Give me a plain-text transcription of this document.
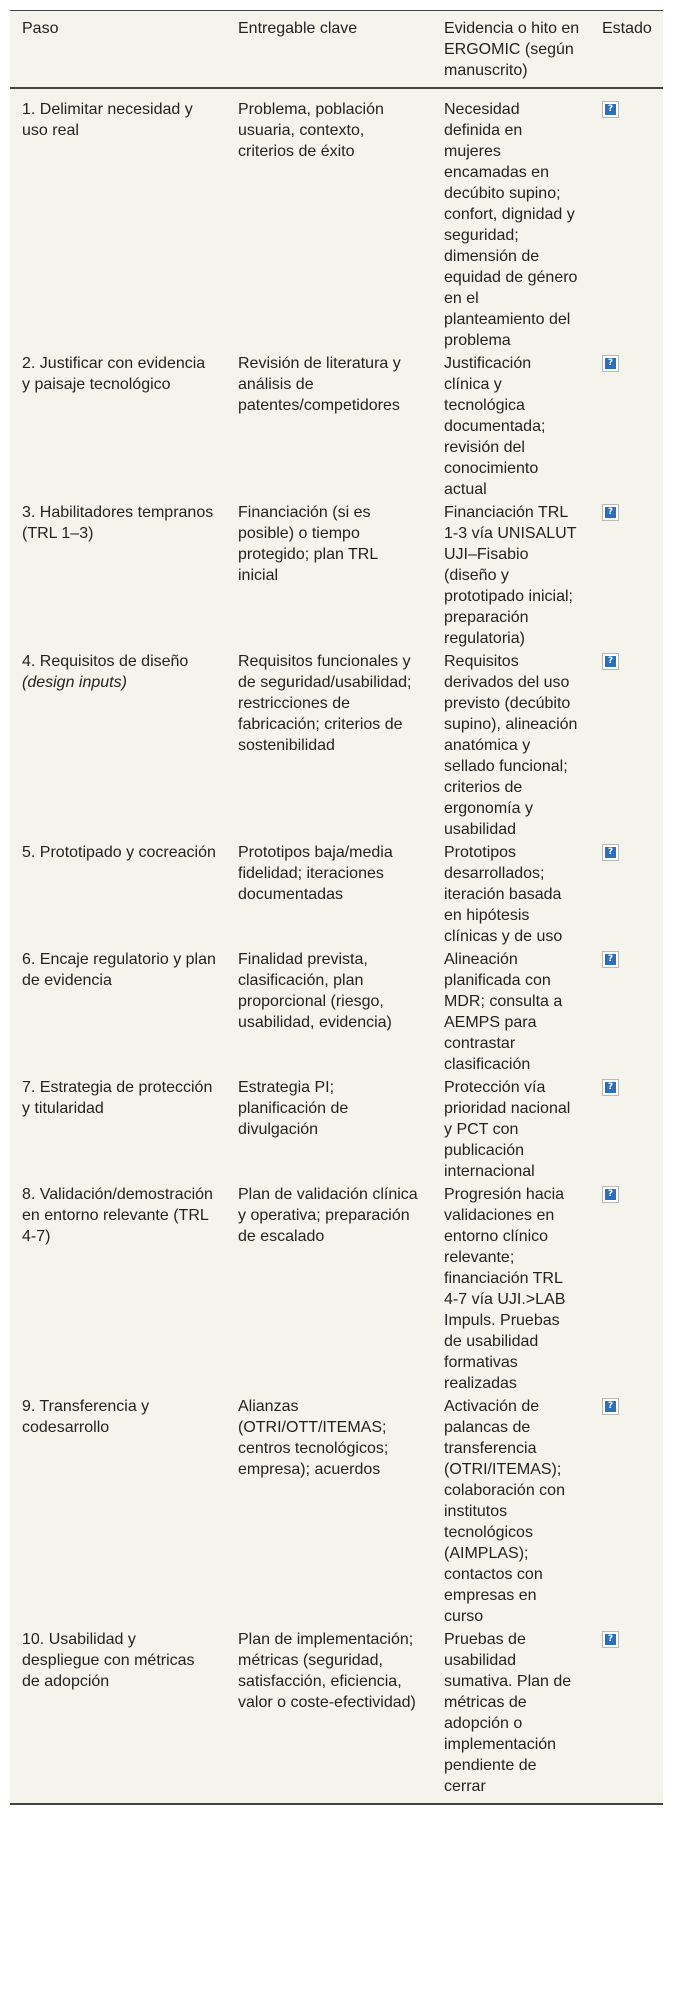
Paso	Entregable clave	Evidencia o hito en ERGOMIC (según manuscrito)	Estado
1. Delimitar necesidad y uso real	Problema, población usuaria, contexto, criterios de éxito	Necesidad definida en mujeres encamadas en decúbito supino; confort, dignidad y seguridad; dimensión de equidad de género en el planteamiento del problema	?
2. Justificar con evidencia y paisaje tecnológico	Revisión de literatura y análisis de patentes/competidores	Justificación clínica y tecnológica documentada; revisión del conocimiento actual	?
3. Habilitadores tempranos (TRL 1–3)	Financiación (si es posible) o tiempo protegido; plan TRL inicial	Financiación TRL 1-3 vía UNISALUT UJI–Fisabio (diseño y prototipado inicial; preparación regulatoria)	?
4. Requisitos de diseño (design inputs)	Requisitos funcionales y de seguridad/usabilidad; restricciones de fabricación; criterios de sostenibilidad	Requisitos derivados del uso previsto (decúbito supino), alineación anatómica y sellado funcional; criterios de ergonomía y usabilidad	?
5. Prototipado y cocreación	Prototipos baja/media fidelidad; iteraciones documentadas	Prototipos desarrollados; iteración basada en hipótesis clínicas y de uso	?
6. Encaje regulatorio y plan de evidencia	Finalidad prevista, clasificación, plan proporcional (riesgo, usabilidad, evidencia)	Alineación planificada con MDR; consulta a AEMPS para contrastar clasificación	?
7. Estrategia de protección y titularidad	Estrategia PI; planificación de divulgación	Protección vía prioridad nacional y PCT con publicación internacional	?
8. Validación/demostración en entorno relevante (TRL 4-7)	Plan de validación clínica y operativa; preparación de escalado	Progresión hacia validaciones en entorno clínico relevante; financiación TRL 4-7 vía UJI.>LAB Impuls. Pruebas de usabilidad formativas realizadas	?
9. Transferencia y codesarrollo	Alianzas (OTRI/OTT/ITEMAS; centros tecnológicos; empresa); acuerdos	Activación de palancas de transferencia (OTRI/ITEMAS); colaboración con institutos tecnológicos (AIMPLAS); contactos con empresas en curso	?
10. Usabilidad y despliegue con métricas de adopción	Plan de implementación; métricas (seguridad, satisfacción, eficiencia, valor o coste-efectividad)	Pruebas de usabilidad sumativa. Plan de métricas de adopción o implementación pendiente de cerrar	?
